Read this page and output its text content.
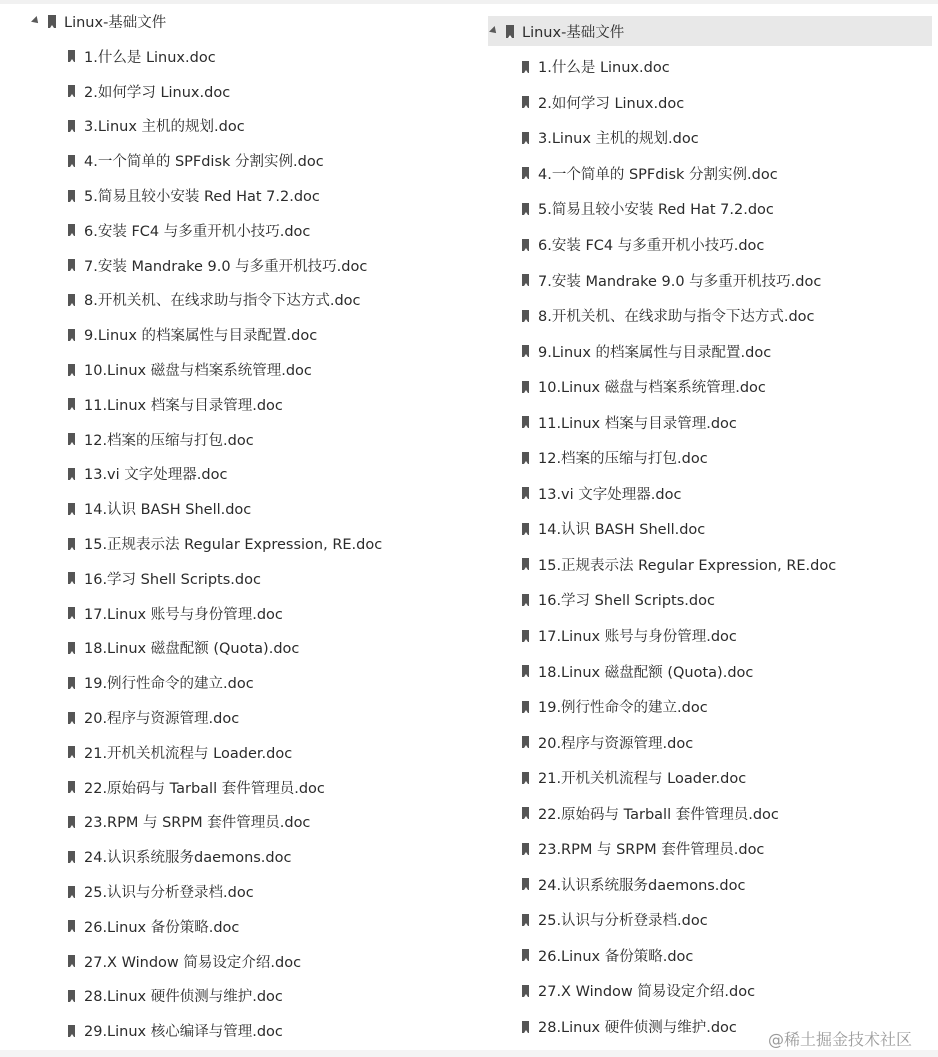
Linux-基础文件
1.什么是 Linux.doc
2.如何学习 Linux.doc
3.Linux 主机的规划.doc
4.一个简单的 SPFdisk 分割实例.doc
5.简易且较小安装 Red Hat 7.2.doc
6.安装 FC4 与多重开机小技巧.doc
7.安装 Mandrake 9.0 与多重开机技巧.doc
8.开机关机、在线求助与指令下达方式.doc
9.Linux 的档案属性与目录配置.doc
10.Linux 磁盘与档案系统管理.doc
11.Linux 档案与目录管理.doc
12.档案的压缩与打包.doc
13.vi 文字处理器.doc
14.认识 BASH Shell.doc
15.正规表示法 Regular Expression, RE.doc
16.学习 Shell Scripts.doc
17.Linux 账号与身份管理.doc
18.Linux 磁盘配额 (Quota).doc
19.例行性命令的建立.doc
20.程序与资源管理.doc
21.开机关机流程与 Loader.doc
22.原始码与 Tarball 套件管理员.doc
23.RPM 与 SRPM 套件管理员.doc
24.认识系统服务daemons.doc
25.认识与分析登录档.doc
26.Linux 备份策略.doc
27.X Window 简易设定介绍.doc
28.Linux 硬件侦测与维护.doc
29.Linux 核心编译与管理.doc
Linux-基础文件
1.什么是 Linux.doc
2.如何学习 Linux.doc
3.Linux 主机的规划.doc
4.一个简单的 SPFdisk 分割实例.doc
5.简易且较小安装 Red Hat 7.2.doc
6.安装 FC4 与多重开机小技巧.doc
7.安装 Mandrake 9.0 与多重开机技巧.doc
8.开机关机、在线求助与指令下达方式.doc
9.Linux 的档案属性与目录配置.doc
10.Linux 磁盘与档案系统管理.doc
11.Linux 档案与目录管理.doc
12.档案的压缩与打包.doc
13.vi 文字处理器.doc
14.认识 BASH Shell.doc
15.正规表示法 Regular Expression, RE.doc
16.学习 Shell Scripts.doc
17.Linux 账号与身份管理.doc
18.Linux 磁盘配额 (Quota).doc
19.例行性命令的建立.doc
20.程序与资源管理.doc
21.开机关机流程与 Loader.doc
22.原始码与 Tarball 套件管理员.doc
23.RPM 与 SRPM 套件管理员.doc
24.认识系统服务daemons.doc
25.认识与分析登录档.doc
26.Linux 备份策略.doc
27.X Window 简易设定介绍.doc
28.Linux 硬件侦测与维护.doc
@稀土掘金技术社区
